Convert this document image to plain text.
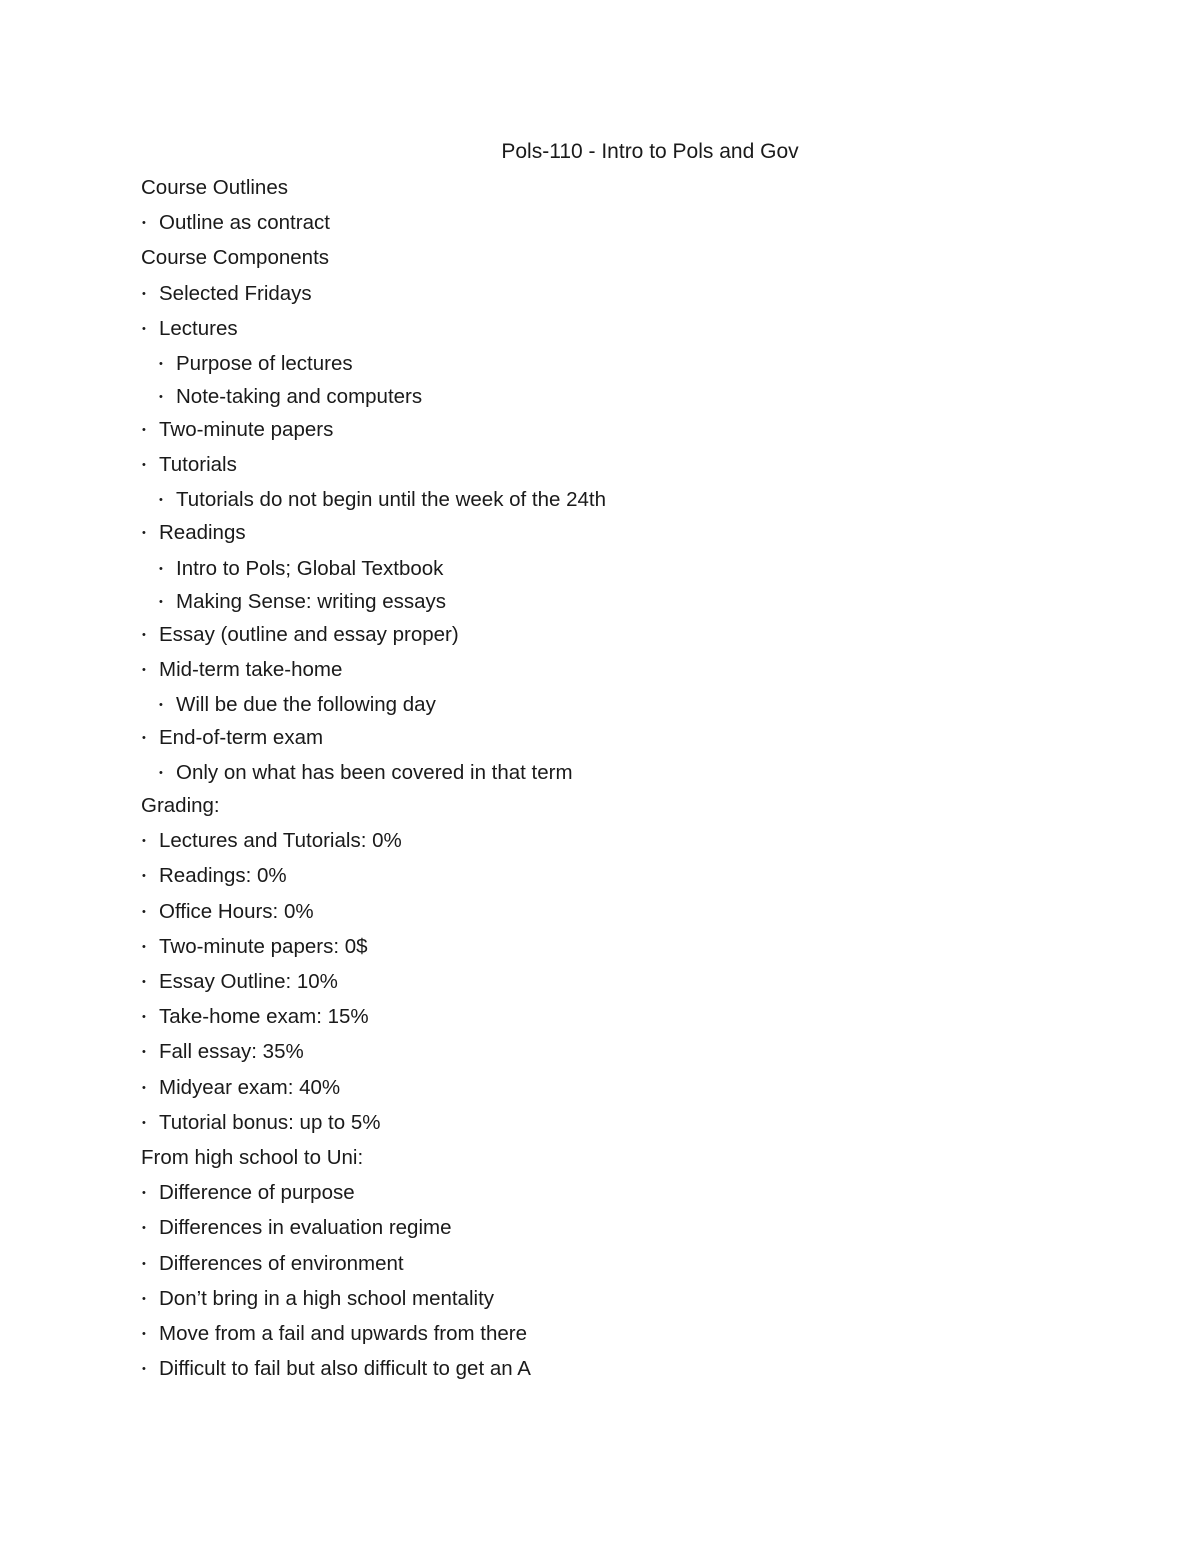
Pols-110 - Intro to Pols and Gov
Course Outlines
• Outline as contract
Course Components
• Selected Fridays
• Lectures
• Purpose of lectures
• Note-taking and computers
• Two-minute papers
• Tutorials
• Tutorials do not begin until the week of the 24th
• Readings
• Intro to Pols; Global Textbook
• Making Sense: writing essays
• Essay (outline and essay proper)
• Mid-term take-home
• Will be due the following day
• End-of-term exam
• Only on what has been covered in that term
Grading:
• Lectures and Tutorials: 0%
• Readings: 0%
• Office Hours: 0%
• Two-minute papers: 0$
• Essay Outline: 10%
• Take-home exam: 15%
• Fall essay: 35%
• Midyear exam: 40%
• Tutorial bonus: up to 5%
From high school to Uni:
• Difference of purpose
• Differences in evaluation regime
• Differences of environment
• Don’t bring in a high school mentality
• Move from a fail and upwards from there
• Difficult to fail but also difficult to get an A
